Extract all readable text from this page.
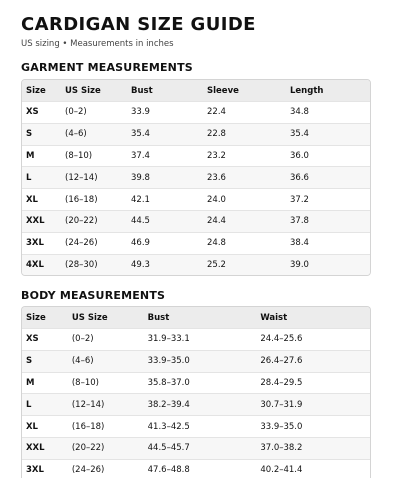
CARDIGAN SIZE GUIDE
US sizing • Measurements in inches
GARMENT MEASUREMENTS
Size	US Size	Bust	Sleeve	Length
XS	(0–2)	33.9	22.4	34.8
S	(4–6)	35.4	22.8	35.4
M	(8–10)	37.4	23.2	36.0
L	(12–14)	39.8	23.6	36.6
XL	(16–18)	42.1	24.0	37.2
XXL	(20–22)	44.5	24.4	37.8
3XL	(24–26)	46.9	24.8	38.4
4XL	(28–30)	49.3	25.2	39.0
BODY MEASUREMENTS
Size	US Size	Bust	Waist
XS	(0–2)	31.9–33.1	24.4–25.6
S	(4–6)	33.9–35.0	26.4–27.6
M	(8–10)	35.8–37.0	28.4–29.5
L	(12–14)	38.2–39.4	30.7–31.9
XL	(16–18)	41.3–42.5	33.9–35.0
XXL	(20–22)	44.5–45.7	37.0–38.2
3XL	(24–26)	47.6–48.8	40.2–41.4
